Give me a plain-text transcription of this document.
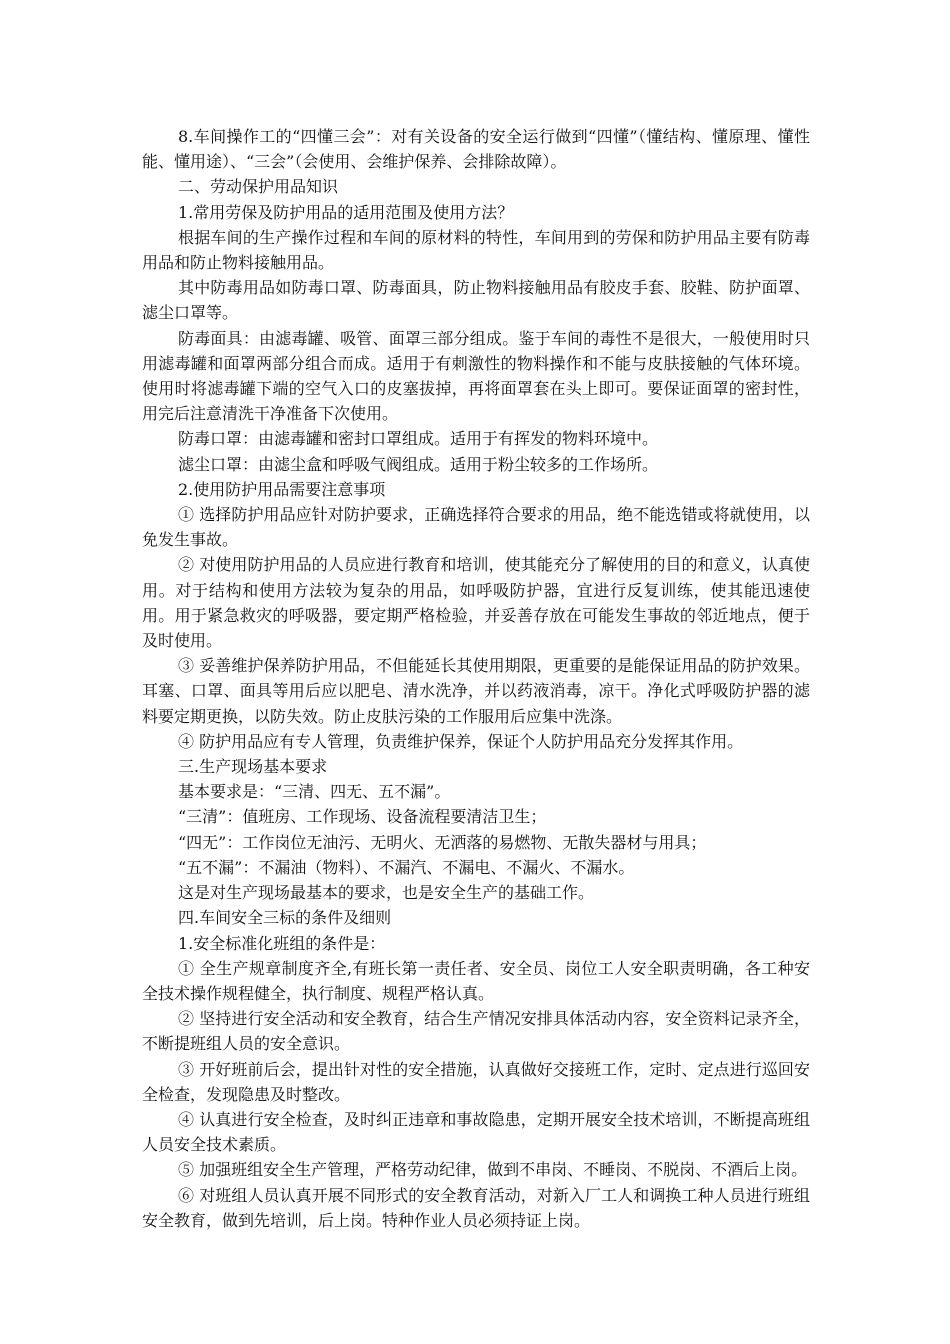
8.车间操作工的“四懂三会”：对有关设备的安全运行做到“四懂”（懂结构、懂原理、懂性能、懂用途）、“三会”（会使用、会维护保养、会排除故障）。

二、劳动保护用品知识

1.常用劳保及防护用品的适用范围及使用方法？

根据车间的生产操作过程和车间的原材料的特性，车间用到的劳保和防护用品主要有防毒用品和防止物料接触用品。

其中防毒用品如防毒口罩、防毒面具，防止物料接触用品有胶皮手套、胶鞋、防护面罩、滤尘口罩等。

防毒面具：由滤毒罐、吸管、面罩三部分组成。鉴于车间的毒性不是很大，一般使用时只用滤毒罐和面罩两部分组合而成。适用于有刺激性的物料操作和不能与皮肤接触的气体环境。使用时将滤毒罐下端的空气入口的皮塞拔掉，再将面罩套在头上即可。要保证面罩的密封性，用完后注意清洗干净准备下次使用。

防毒口罩：由滤毒罐和密封口罩组成。适用于有挥发的物料环境中。

滤尘口罩：由滤尘盒和呼吸气阀组成。适用于粉尘较多的工作场所。

2.使用防护用品需要注意事项

① 选择防护用品应针对防护要求，正确选择符合要求的用品，绝不能选错或将就使用，以免发生事故。

② 对使用防护用品的人员应进行教育和培训，使其能充分了解使用的目的和意义，认真使用。对于结构和使用方法较为复杂的用品，如呼吸防护器，宜进行反复训练，使其能迅速使用。用于紧急救灾的呼吸器，要定期严格检验，并妥善存放在可能发生事故的邻近地点，便于及时使用。

③ 妥善维护保养防护用品，不但能延长其使用期限，更重要的是能保证用品的防护效果。耳塞、口罩、面具等用后应以肥皂、清水洗净，并以药液消毒，凉干。净化式呼吸防护器的滤料要定期更换，以防失效。防止皮肤污染的工作服用后应集中洗涤。

④ 防护用品应有专人管理，负责维护保养，保证个人防护用品充分发挥其作用。

三.生产现场基本要求

基本要求是：“三清、四无、五不漏”。

“三清”：值班房、工作现场、设备流程要清洁卫生；

“四无”：工作岗位无油污、无明火、无洒落的易燃物、无散失器材与用具；

“五不漏”：不漏油（物料）、不漏汽、不漏电、不漏火、不漏水。

这是对生产现场最基本的要求，也是安全生产的基础工作。

四.车间安全三标的条件及细则

1.安全标准化班组的条件是：

① 全生产规章制度齐全,有班长第一责任者、安全员、岗位工人安全职责明确，各工种安全技术操作规程健全，执行制度、规程严格认真。

② 坚持进行安全活动和安全教育，结合生产情况安排具体活动内容，安全资料记录齐全，不断提班组人员的安全意识。

③ 开好班前后会，提出针对性的安全措施，认真做好交接班工作，定时、定点进行巡回安全检查，发现隐患及时整改。

④ 认真进行安全检查，及时纠正违章和事故隐患，定期开展安全技术培训，不断提高班组人员安全技术素质。

⑤ 加强班组安全生产管理，严格劳动纪律，做到不串岗、不睡岗、不脱岗、不酒后上岗。

⑥ 对班组人员认真开展不同形式的安全教育活动，对新入厂工人和调换工种人员进行班组安全教育，做到先培训，后上岗。特种作业人员必须持证上岗。
